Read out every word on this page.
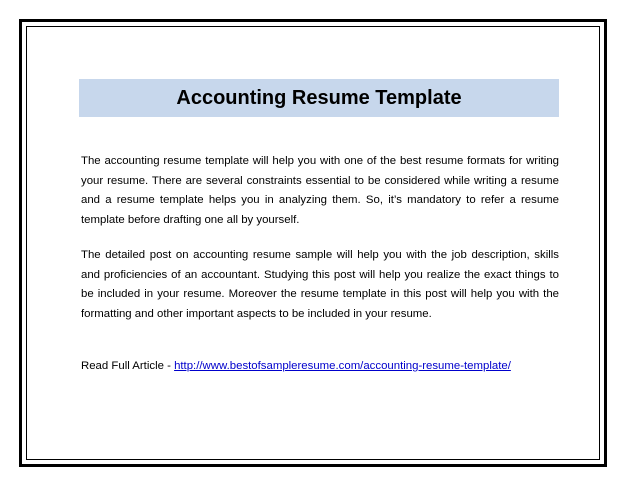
Accounting Resume Template

The accounting resume template will help you with one of the best resume formats for writing your resume. There are several constraints essential to be considered while writing a resume and a resume template helps you in analyzing them. So, it’s mandatory to refer a resume template before drafting one all by yourself.

The detailed post on accounting resume sample will help you with the job description, skills and proficiencies of an accountant. Studying this post will help you realize the exact things to be included in your resume. Moreover the resume template in this post will help you with the formatting and other important aspects to be included in your resume.

Read Full Article - http://www.bestofsampleresume.com/accounting-resume-template/
